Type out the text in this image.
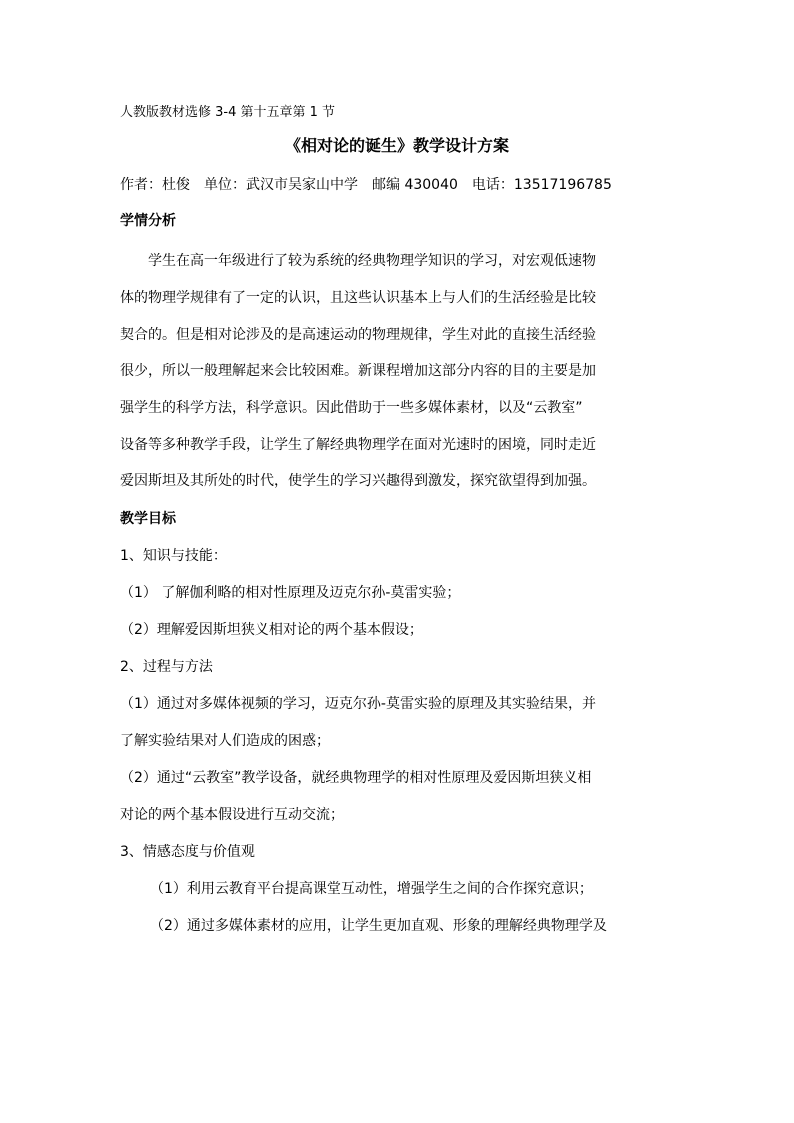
人教版教材选修 3-4 第十五章第 1 节
《相对论的诞生》教学设计方案
作者：杜俊　单位：武汉市吴家山中学　邮编 430040　电话：13517196785
学情分析
学生在高一年级进行了较为系统的经典物理学知识的学习，对宏观低速物
体的物理学规律有了一定的认识，且这些认识基本上与人们的生活经验是比较
契合的。但是相对论涉及的是高速运动的物理规律，学生对此的直接生活经验
很少，所以一般理解起来会比较困难。新课程增加这部分内容的目的主要是加
强学生的科学方法，科学意识。因此借助于一些多媒体素材，以及“云教室”
设备等多种教学手段，让学生了解经典物理学在面对光速时的困境，同时走近
爱因斯坦及其所处的时代，使学生的学习兴趣得到激发，探究欲望得到加强。
教学目标
1、知识与技能：
（1） 了解伽利略的相对性原理及迈克尔孙-莫雷实验；
（2）理解爱因斯坦狭义相对论的两个基本假设；
2、过程与方法
（1）通过对多媒体视频的学习，迈克尔孙-莫雷实验的原理及其实验结果，并
了解实验结果对人们造成的困惑；
（2）通过“云教室”教学设备，就经典物理学的相对性原理及爱因斯坦狭义相
对论的两个基本假设进行互动交流；
3、情感态度与价值观
（1）利用云教育平台提高课堂互动性，增强学生之间的合作探究意识；
（2）通过多媒体素材的应用，让学生更加直观、形象的理解经典物理学及
